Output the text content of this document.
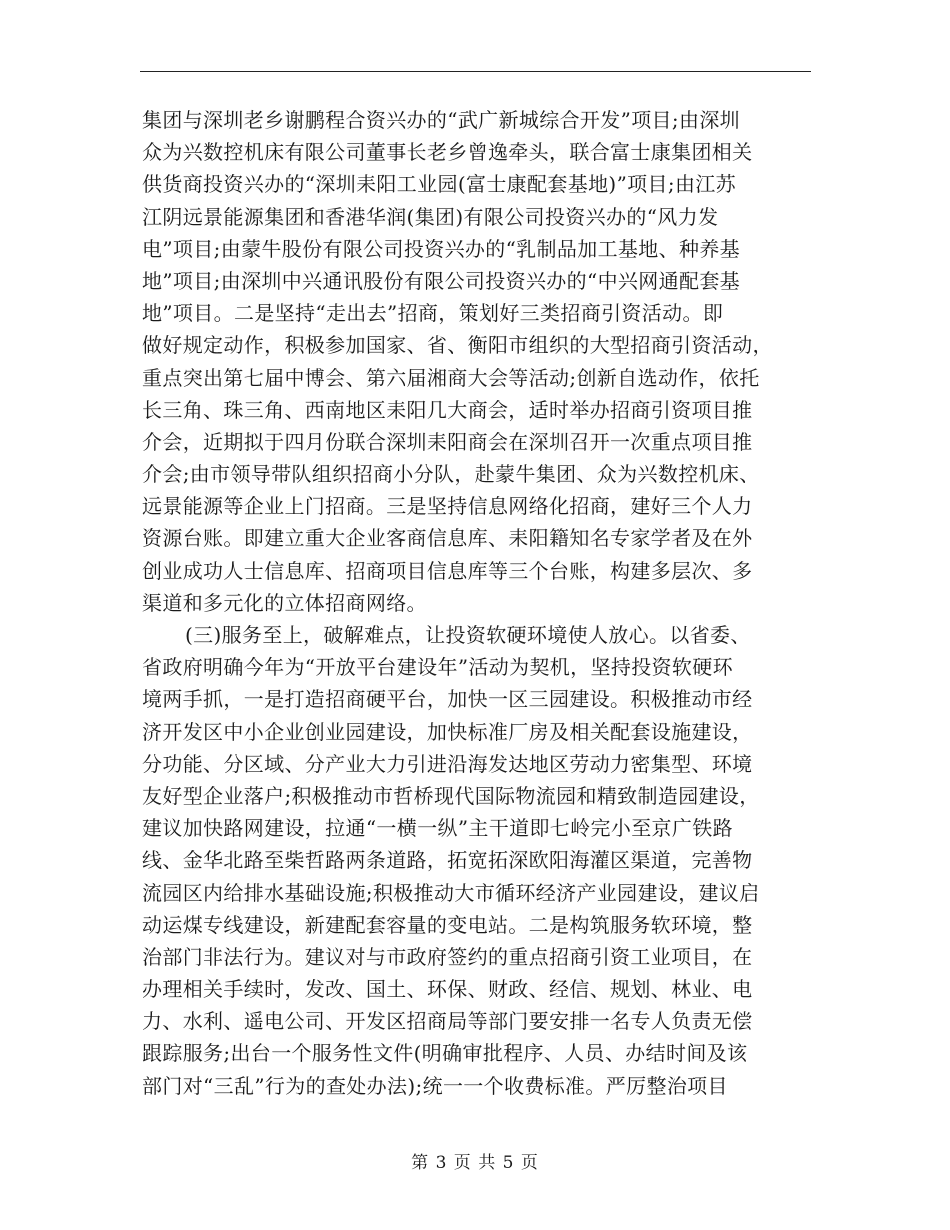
集团与深圳老乡谢鹏程合资兴办的“武广新城综合开发”项目;由深圳
众为兴数控机床有限公司董事长老乡曾逸牵头，联合富士康集团相关
供货商投资兴办的“深圳耒阳工业园(富士康配套基地)”项目;由江苏
江阴远景能源集团和香港华润(集团)有限公司投资兴办的“风力发
电”项目;由蒙牛股份有限公司投资兴办的“乳制品加工基地、种养基
地”项目;由深圳中兴通讯股份有限公司投资兴办的“中兴网通配套基
地”项目。二是坚持“走出去”招商，策划好三类招商引资活动。即
做好规定动作，积极参加国家、省、衡阳市组织的大型招商引资活动，
重点突出第七届中博会、第六届湘商大会等活动;创新自选动作，依托
长三角、珠三角、西南地区耒阳几大商会，适时举办招商引资项目推
介会，近期拟于四月份联合深圳耒阳商会在深圳召开一次重点项目推
介会;由市领导带队组织招商小分队，赴蒙牛集团、众为兴数控机床、
远景能源等企业上门招商。三是坚持信息网络化招商，建好三个人力
资源台账。即建立重大企业客商信息库、耒阳籍知名专家学者及在外
创业成功人士信息库、招商项目信息库等三个台账，构建多层次、多
渠道和多元化的立体招商网络。
(三)服务至上，破解难点，让投资软硬环境使人放心。以省委、
省政府明确今年为“开放平台建设年”活动为契机，坚持投资软硬环
境两手抓，一是打造招商硬平台，加快一区三园建设。积极推动市经
济开发区中小企业创业园建设，加快标准厂房及相关配套设施建设，
分功能、分区域、分产业大力引进沿海发达地区劳动力密集型、环境
友好型企业落户;积极推动市哲桥现代国际物流园和精致制造园建设，
建议加快路网建设，拉通“一横一纵”主干道即七岭完小至京广铁路
线、金华北路至柴哲路两条道路，拓宽拓深欧阳海灌区渠道，完善物
流园区内给排水基础设施;积极推动大市循环经济产业园建设，建议启
动运煤专线建设，新建配套容量的变电站。二是构筑服务软环境，整
治部门非法行为。建议对与市政府签约的重点招商引资工业项目，在
办理相关手续时，发改、国土、环保、财政、经信、规划、林业、电
力、水利、遥电公司、开发区招商局等部门要安排一名专人负责无偿
跟踪服务;出台一个服务性文件(明确审批程序、人员、办结时间及该
部门对“三乱”行为的查处办法);统一一个收费标准。严厉整治项目
第 3 页 共 5 页
